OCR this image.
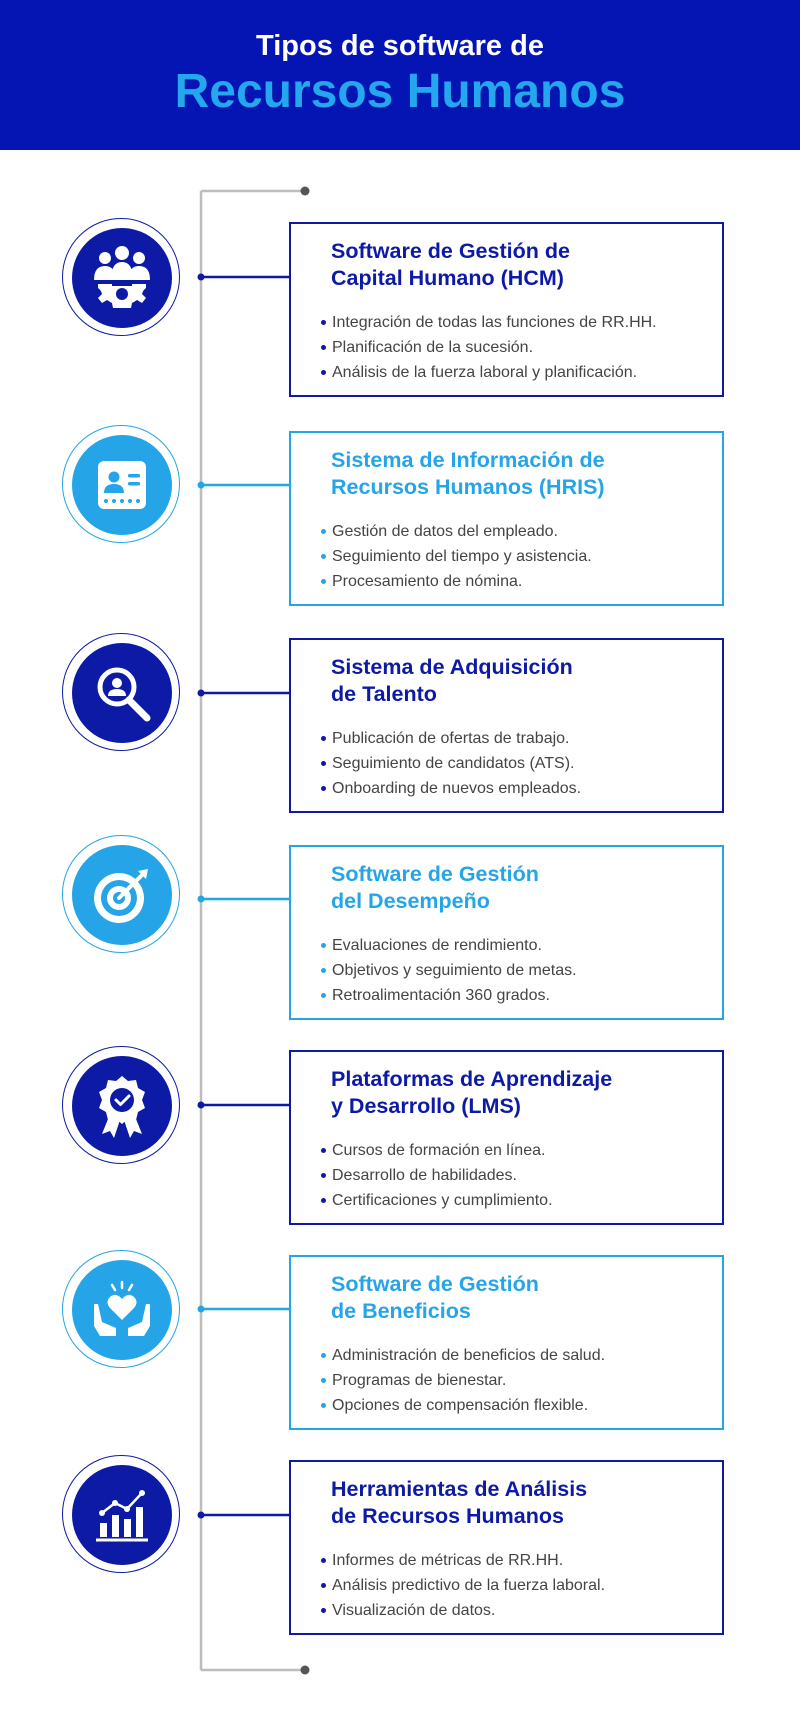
Tipos de software de
Recursos Humanos
Software de Gestión de
Capital Humano (HCM)
Integración de todas las funciones de RR.HH.
Planificación de la sucesión.
Análisis de la fuerza laboral y planificación.
Sistema de Información de
Recursos Humanos (HRIS)
Gestión de datos del empleado.
Seguimiento del tiempo y asistencia.
Procesamiento de nómina.
Sistema de Adquisición
de Talento
Publicación de ofertas de trabajo.
Seguimiento de candidatos (ATS).
Onboarding de nuevos empleados.
Software de Gestión
del Desempeño
Evaluaciones de rendimiento.
Objetivos y seguimiento de metas.
Retroalimentación 360 grados.
Plataformas de Aprendizaje
y Desarrollo (LMS)
Cursos de formación en línea.
Desarrollo de habilidades.
Certificaciones y cumplimiento.
Software de Gestión
de Beneficios
Administración de beneficios de salud.
Programas de bienestar.
Opciones de compensación flexible.
Herramientas de Análisis
de Recursos Humanos
Informes de métricas de RR.HH.
Análisis predictivo de la fuerza laboral.
Visualización de datos.
